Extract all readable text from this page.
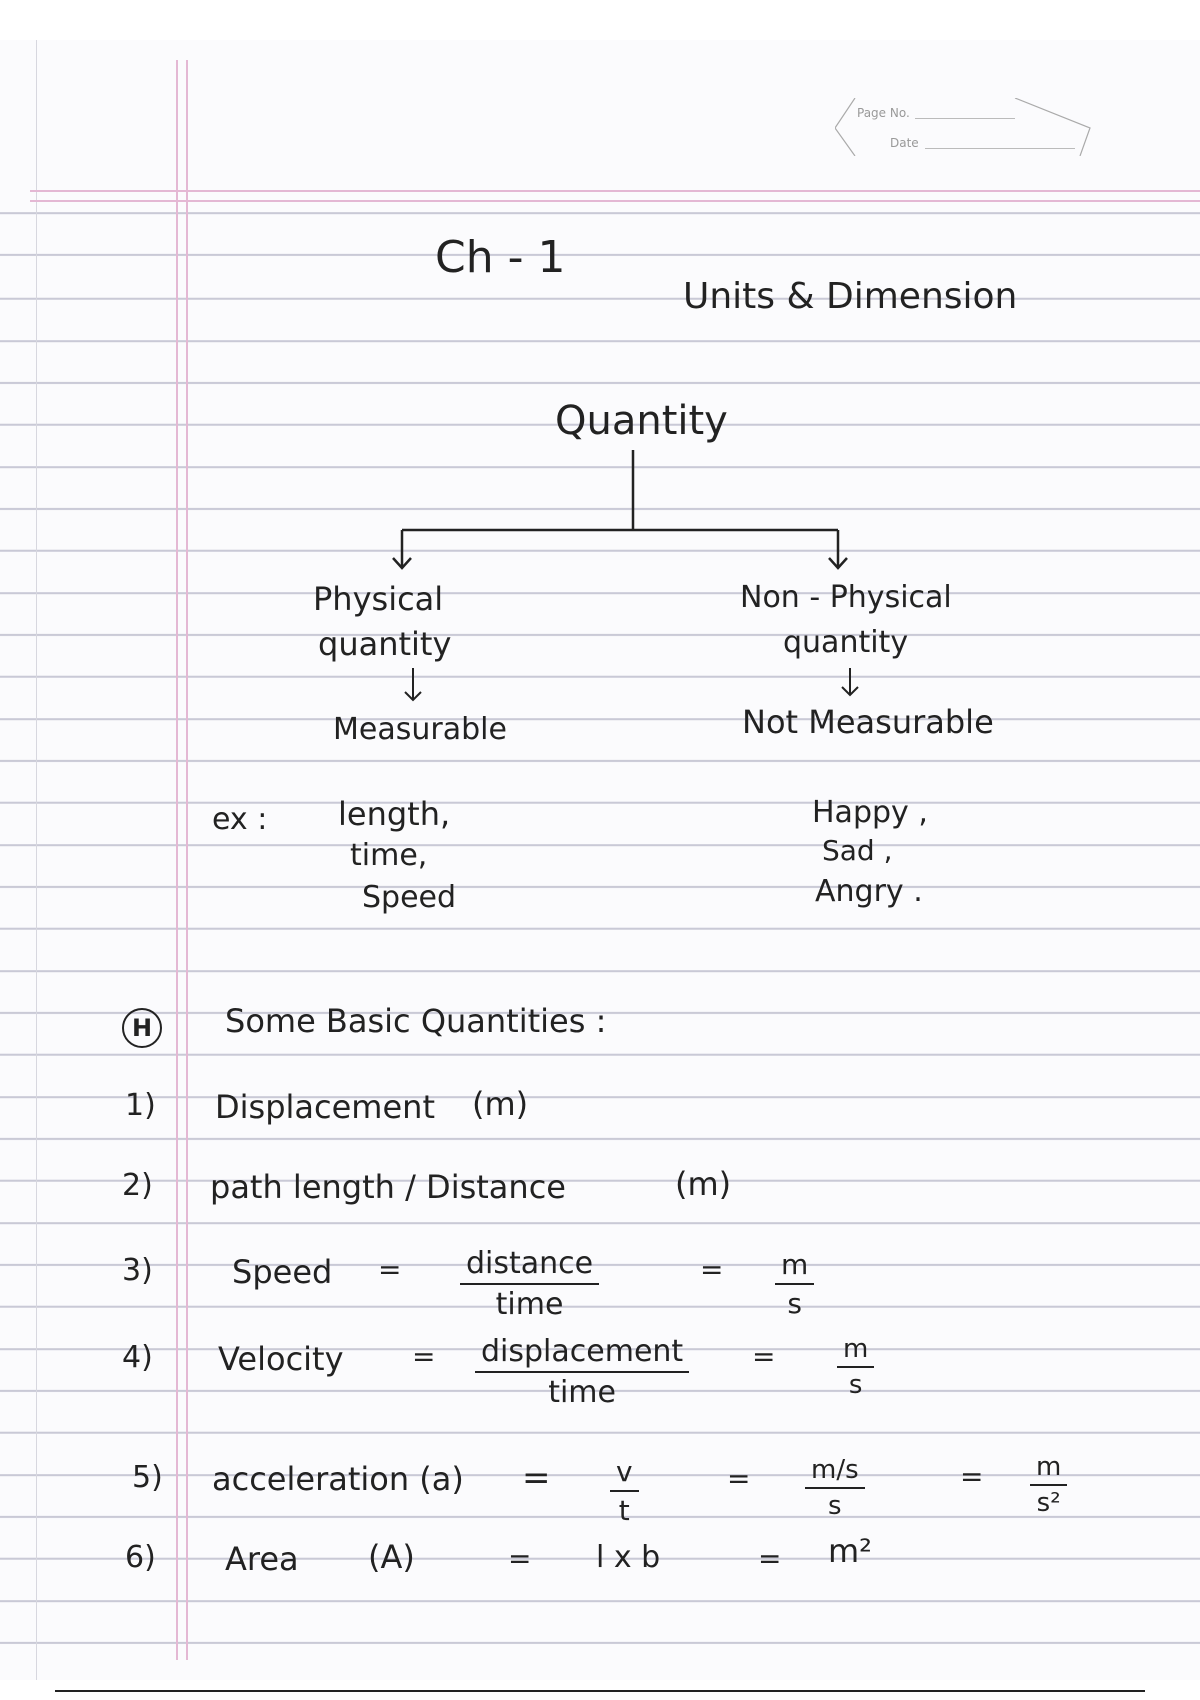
Page No.
Date
Ch - 1
Units & Dimension
Quantity
Physical
quantity
Measurable
Non - Physical
quantity
Not Measurable
ex : length,
time,
Speed
Happy ,
Sad ,
Angry .
H	Some Basic Quantities :
1) Displacement (m)
2) path length / Distance	(m)
3) Speed = distance
time
= $\frac{m}{s}$
4) Velocity = displacement
time
= $\frac{m}{s}$
5) acceleration $(a) = \frac{v}{t}$	= $\frac{m/s}{s}$	= $\frac{m}{\text{s²}}$
6) Area (A)	= l x b	= m²
